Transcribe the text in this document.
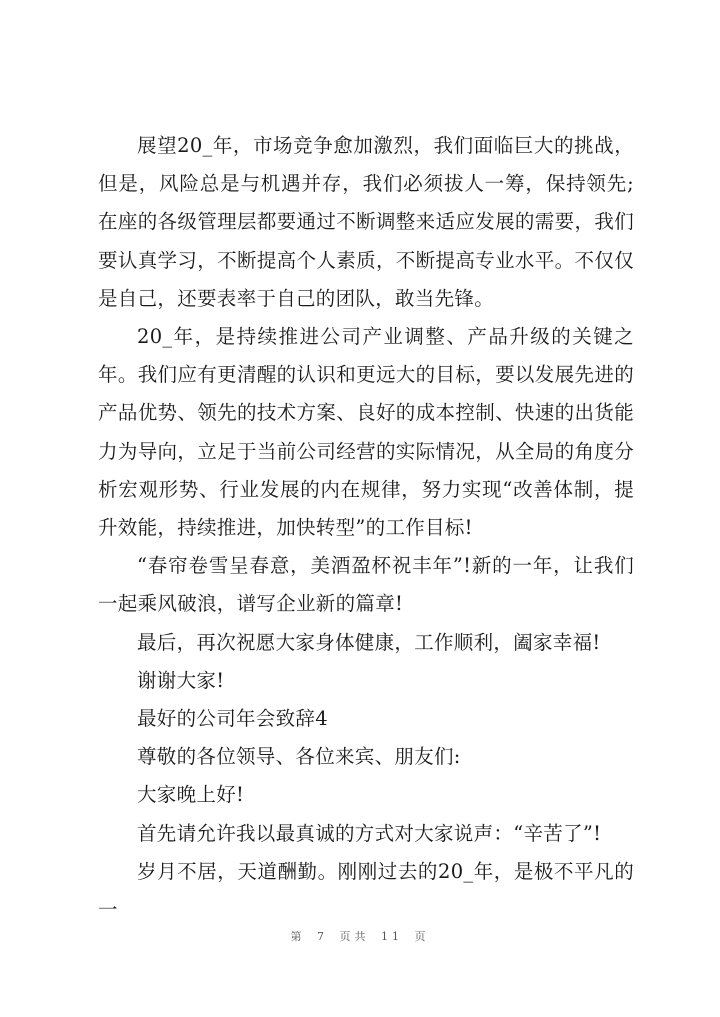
展望20_年，市场竞争愈加激烈，我们面临巨大的挑战，但是，风险总是与机遇并存，我们必须拔人一筹，保持领先;在座的各级管理层都要通过不断调整来适应发展的需要，我们要认真学习，不断提高个人素质，不断提高专业水平。不仅仅是自己，还要表率于自己的团队，敢当先锋。

20_年，是持续推进公司产业调整、产品升级的关键之年。我们应有更清醒的认识和更远大的目标，要以发展先进的产品优势、领先的技术方案、良好的成本控制、快速的出货能力为导向，立足于当前公司经营的实际情况，从全局的角度分析宏观形势、行业发展的内在规律，努力实现“改善体制，提升效能，持续推进，加快转型”的工作目标!

“春帘卷雪呈春意，美酒盈杯祝丰年”!新的一年，让我们一起乘风破浪，谱写企业新的篇章!

最后，再次祝愿大家身体健康，工作顺利，阖家幸福!

谢谢大家!

最好的公司年会致辞4

尊敬的各位领导、各位来宾、朋友们:

大家晚上好!

首先请允许我以最真诚的方式对大家说声：“辛苦了”!

岁月不居，天道酬勤。刚刚过去的20_年，是极不平凡的一

第 7 页共 11 页
